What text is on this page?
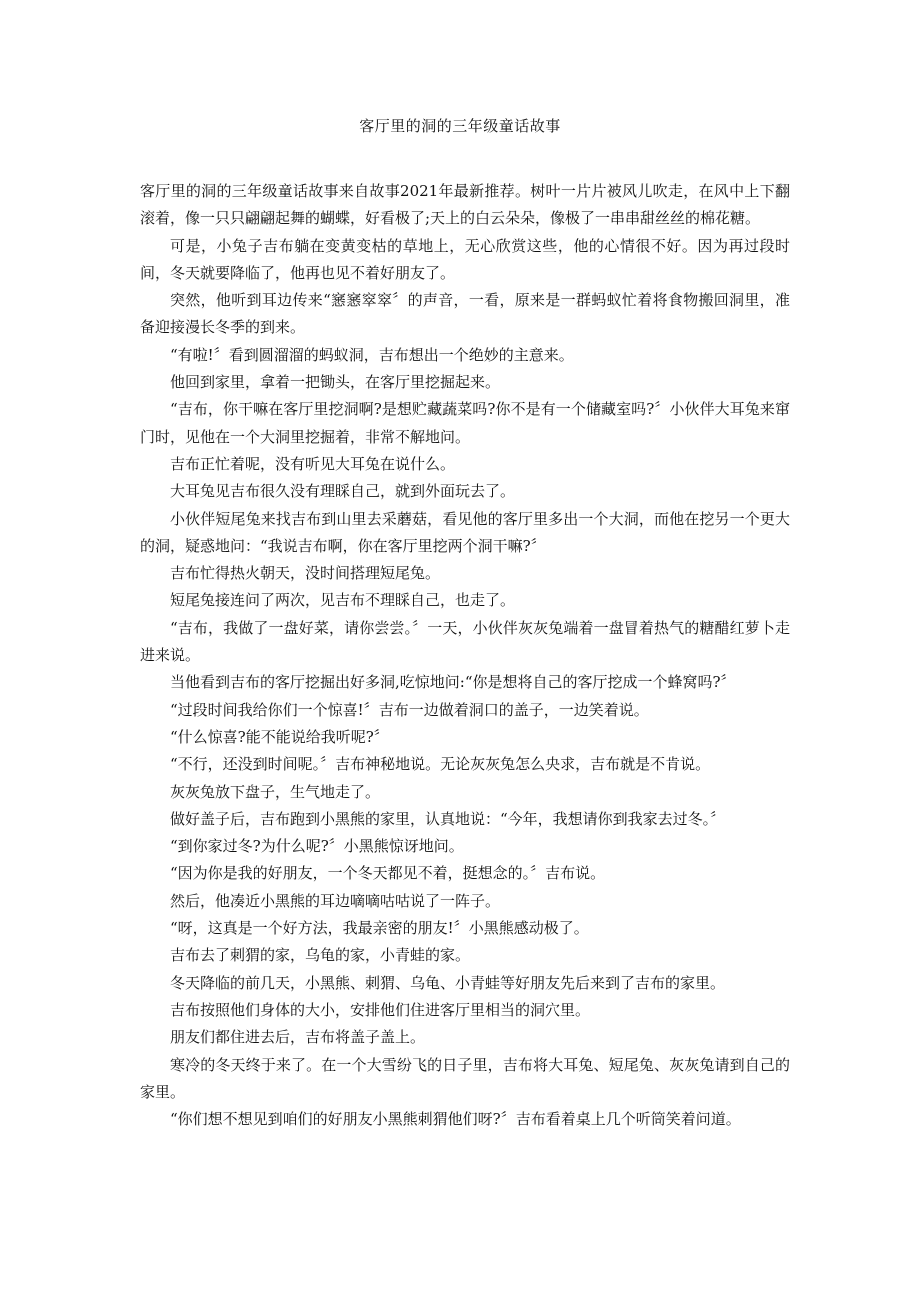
客厅里的洞的三年级童话故事

客厅里的洞的三年级童话故事来自故事2021年最新推荐。树叶一片片被风儿吹走，在风中上下翻滚着，像一只只翩翩起舞的蝴蝶，好看极了;天上的白云朵朵，像极了一串串甜丝丝的棉花糖。

可是，小兔子吉布躺在变黄变枯的草地上，无心欣赏这些，他的心情很不好。因为再过段时间，冬天就要降临了，他再也见不着好朋友了。

突然，他听到耳边传来“窸窸窣窣〞的声音，一看，原来是一群蚂蚁忙着将食物搬回洞里，准备迎接漫长冬季的到来。

“有啦!〞看到圆溜溜的蚂蚁洞，吉布想出一个绝妙的主意来。

他回到家里，拿着一把锄头，在客厅里挖掘起来。

“吉布，你干嘛在客厅里挖洞啊?是想贮藏蔬菜吗?你不是有一个储藏室吗?〞小伙伴大耳兔来窜门时，见他在一个大洞里挖掘着，非常不解地问。

吉布正忙着呢，没有听见大耳兔在说什么。

大耳兔见吉布很久没有理睬自己，就到外面玩去了。

小伙伴短尾兔来找吉布到山里去采蘑菇，看见他的客厅里多出一个大洞，而他在挖另一个更大的洞，疑惑地问：“我说吉布啊，你在客厅里挖两个洞干嘛?〞

吉布忙得热火朝天，没时间搭理短尾兔。

短尾兔接连问了两次，见吉布不理睬自己，也走了。

“吉布，我做了一盘好菜，请你尝尝。〞一天，小伙伴灰灰兔端着一盘冒着热气的糖醋红萝卜走进来说。

当他看到吉布的客厅挖掘出好多洞,吃惊地问:“你是想将自己的客厅挖成一个蜂窝吗?〞

“过段时间我给你们一个惊喜!〞吉布一边做着洞口的盖子，一边笑着说。

“什么惊喜?能不能说给我听呢?〞

“不行，还没到时间呢。〞吉布神秘地说。无论灰灰兔怎么央求，吉布就是不肯说。

灰灰兔放下盘子，生气地走了。

做好盖子后，吉布跑到小黑熊的家里，认真地说：“今年，我想请你到我家去过冬。〞

“到你家过冬?为什么呢?〞小黑熊惊讶地问。

“因为你是我的好朋友，一个冬天都见不着，挺想念的。〞吉布说。

然后，他凑近小黑熊的耳边嘀嘀咕咕说了一阵子。

“呀，这真是一个好方法，我最亲密的朋友!〞小黑熊感动极了。

吉布去了刺猬的家，乌龟的家，小青蛙的家。

冬天降临的前几天，小黑熊、刺猬、乌龟、小青蛙等好朋友先后来到了吉布的家里。

吉布按照他们身体的大小，安排他们住进客厅里相当的洞穴里。

朋友们都住进去后，吉布将盖子盖上。

寒冷的冬天终于来了。在一个大雪纷飞的日子里，吉布将大耳兔、短尾兔、灰灰兔请到自己的家里。

“你们想不想见到咱们的好朋友小黑熊刺猬他们呀?〞吉布看着桌上几个听筒笑着问道。
